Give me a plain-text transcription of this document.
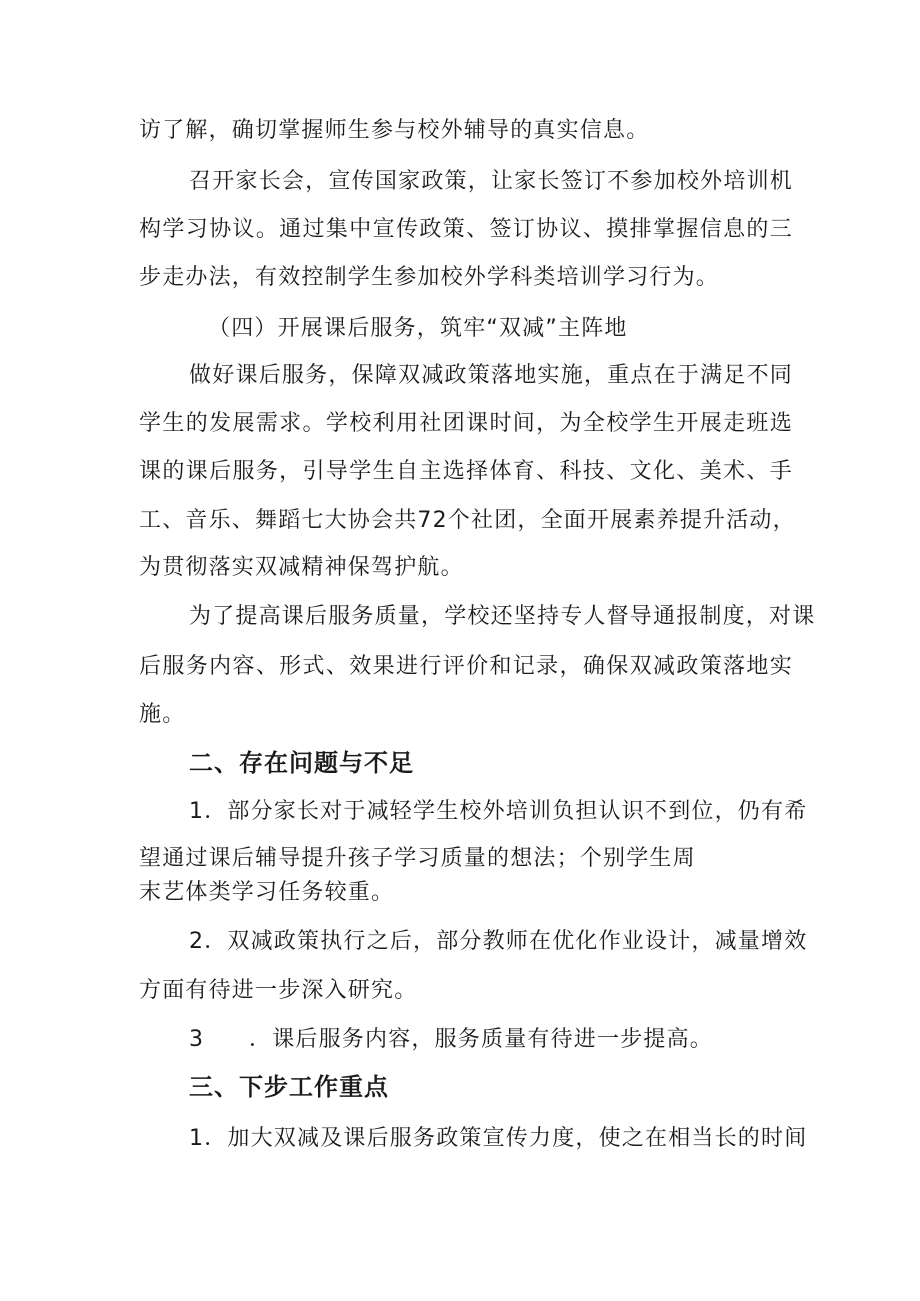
访了解，确切掌握师生参与校外辅导的真实信息。
召开家长会，宣传国家政策，让家长签订不参加校外培训机
构学习协议。通过集中宣传政策、签订协议、摸排掌握信息的三
步走办法，有效控制学生参加校外学科类培训学习行为。
（四）开展课后服务，筑牢“双减”主阵地
做好课后服务，保障双减政策落地实施，重点在于满足不同
学生的发展需求。学校利用社团课时间，为全校学生开展走班选
课的课后服务，引导学生自主选择体育、科技、文化、美术、手
工、音乐、舞蹈七大协会共72个社团，全面开展素养提升活动，
为贯彻落实双减精神保驾护航。
为了提高课后服务质量，学校还坚持专人督导通报制度，对课
后服务内容、形式、效果进行评价和记录，确保双减政策落地实
施。
二、存在问题与不足
1．部分家长对于减轻学生校外培训负担认识不到位，仍有希
望通过课后辅导提升孩子学习质量的想法；个别学生周
末艺体类学习任务较重。
2．双减政策执行之后，部分教师在优化作业设计，减量增效
方面有待进一步深入研究。
3 ．课后服务内容，服务质量有待进一步提高。
三、下步工作重点
1．加大双减及课后服务政策宣传力度，使之在相当长的时间
